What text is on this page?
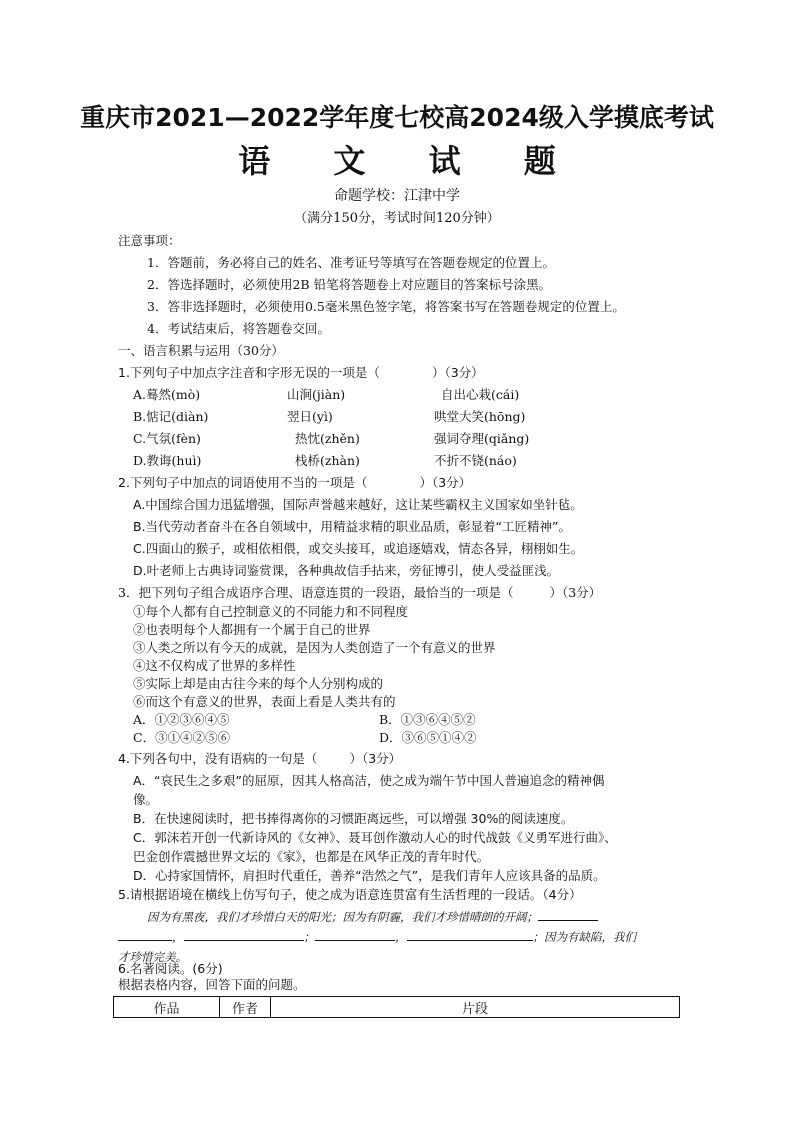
重庆市2021—2022学年度七校高2024级入学摸底考试
语 文 试 题
命题学校：江津中学
（满分150分，考试时间120分钟）
注意事项：
1．答题前，务必将自己的姓名、准考证号等填写在答题卷规定的位置上。
2．答选择题时，必须使用2B 铅笔将答题卷上对应题目的答案标号涂黑。
3．答非选择题时，必须使用0.5毫米黑色签字笔，将答案书写在答题卷规定的位置上。
4．考试结束后，将答题卷交回。
一、语言积累与运用（30分）
1.下列句子中加点字注音和字形无误的一项是（	）（3分）
A.蓦然(mò)	山涧(jiàn)	自出心栽(cái)
B.惦记(diàn)	翌日(yì)	哄堂大笑(hōng)
C.气氛(fèn)	热忱(zhěn)	强词夺理(qiǎng)
D.教诲(huì)	栈桥(zhàn)	不折不铙(náo)
2.下列句子中加点的词语使用不当的一项是（	）（3分）
A.中国综合国力迅猛增强，国际声誉越来越好，这让某些霸权主义国家如坐针毡。
B.当代劳动者奋斗在各自领域中，用精益求精的职业品质，彰显着“工匠精神”。
C.四面山的猴子，或相依相偎，或交头接耳，或追逐嬉戏，情态各异，栩栩如生。
D.叶老师上古典诗词鉴赏课，各种典故信手拈来，旁征博引，使人受益匪浅。
3．把下列句子组合成语序合理、语意连贯的一段语，最恰当的一项是（	）（3分）
①每个人都有自己控制意义的不同能力和不同程度
②也表明每个人都拥有一个属于自己的世界
③人类之所以有今天的成就，是因为人类创造了一个有意义的世界
④这不仅构成了世界的多样性
⑤实际上却是由古往今来的每个人分别构成的
⑥而这个有意义的世界，表面上看是人类共有的
A．①②③⑥④⑤	B．①③⑥④⑤②
C．③①④②⑤⑥	D．③⑥⑤①④②
4.下列各句中，没有语病的一句是（	）（3分）
A．“哀民生之多艰”的屈原，因其人格高洁，使之成为端午节中国人普遍追念的精神偶
像。
B．在快速阅读时，把书捧得离你的习惯距离远些，可以增强 30%的阅读速度。
C．郭沫若开创一代新诗风的《女神》、聂耳创作激动人心的时代战鼓《义勇军进行曲》、
巴金创作震撼世界文坛的《家》，也都是在风华正茂的青年时代。
D．心持家国情怀，肩担时代重任，善养“浩然之气”，是我们青年人应该具备的品质。
5.请根据语境在横线上仿写句子，使之成为语意连贯富有生活哲理的一段话。（4分）
因为有黑夜，我们才珍惜白天的阳光；因为有阴霾，我们才珍惜晴朗的开阔；
，	；	，	；因为有缺陷，我们
才珍惜完美。
6.名著阅读。(6分)
根据表格内容，回答下面的问题。
作品	作者	片段
